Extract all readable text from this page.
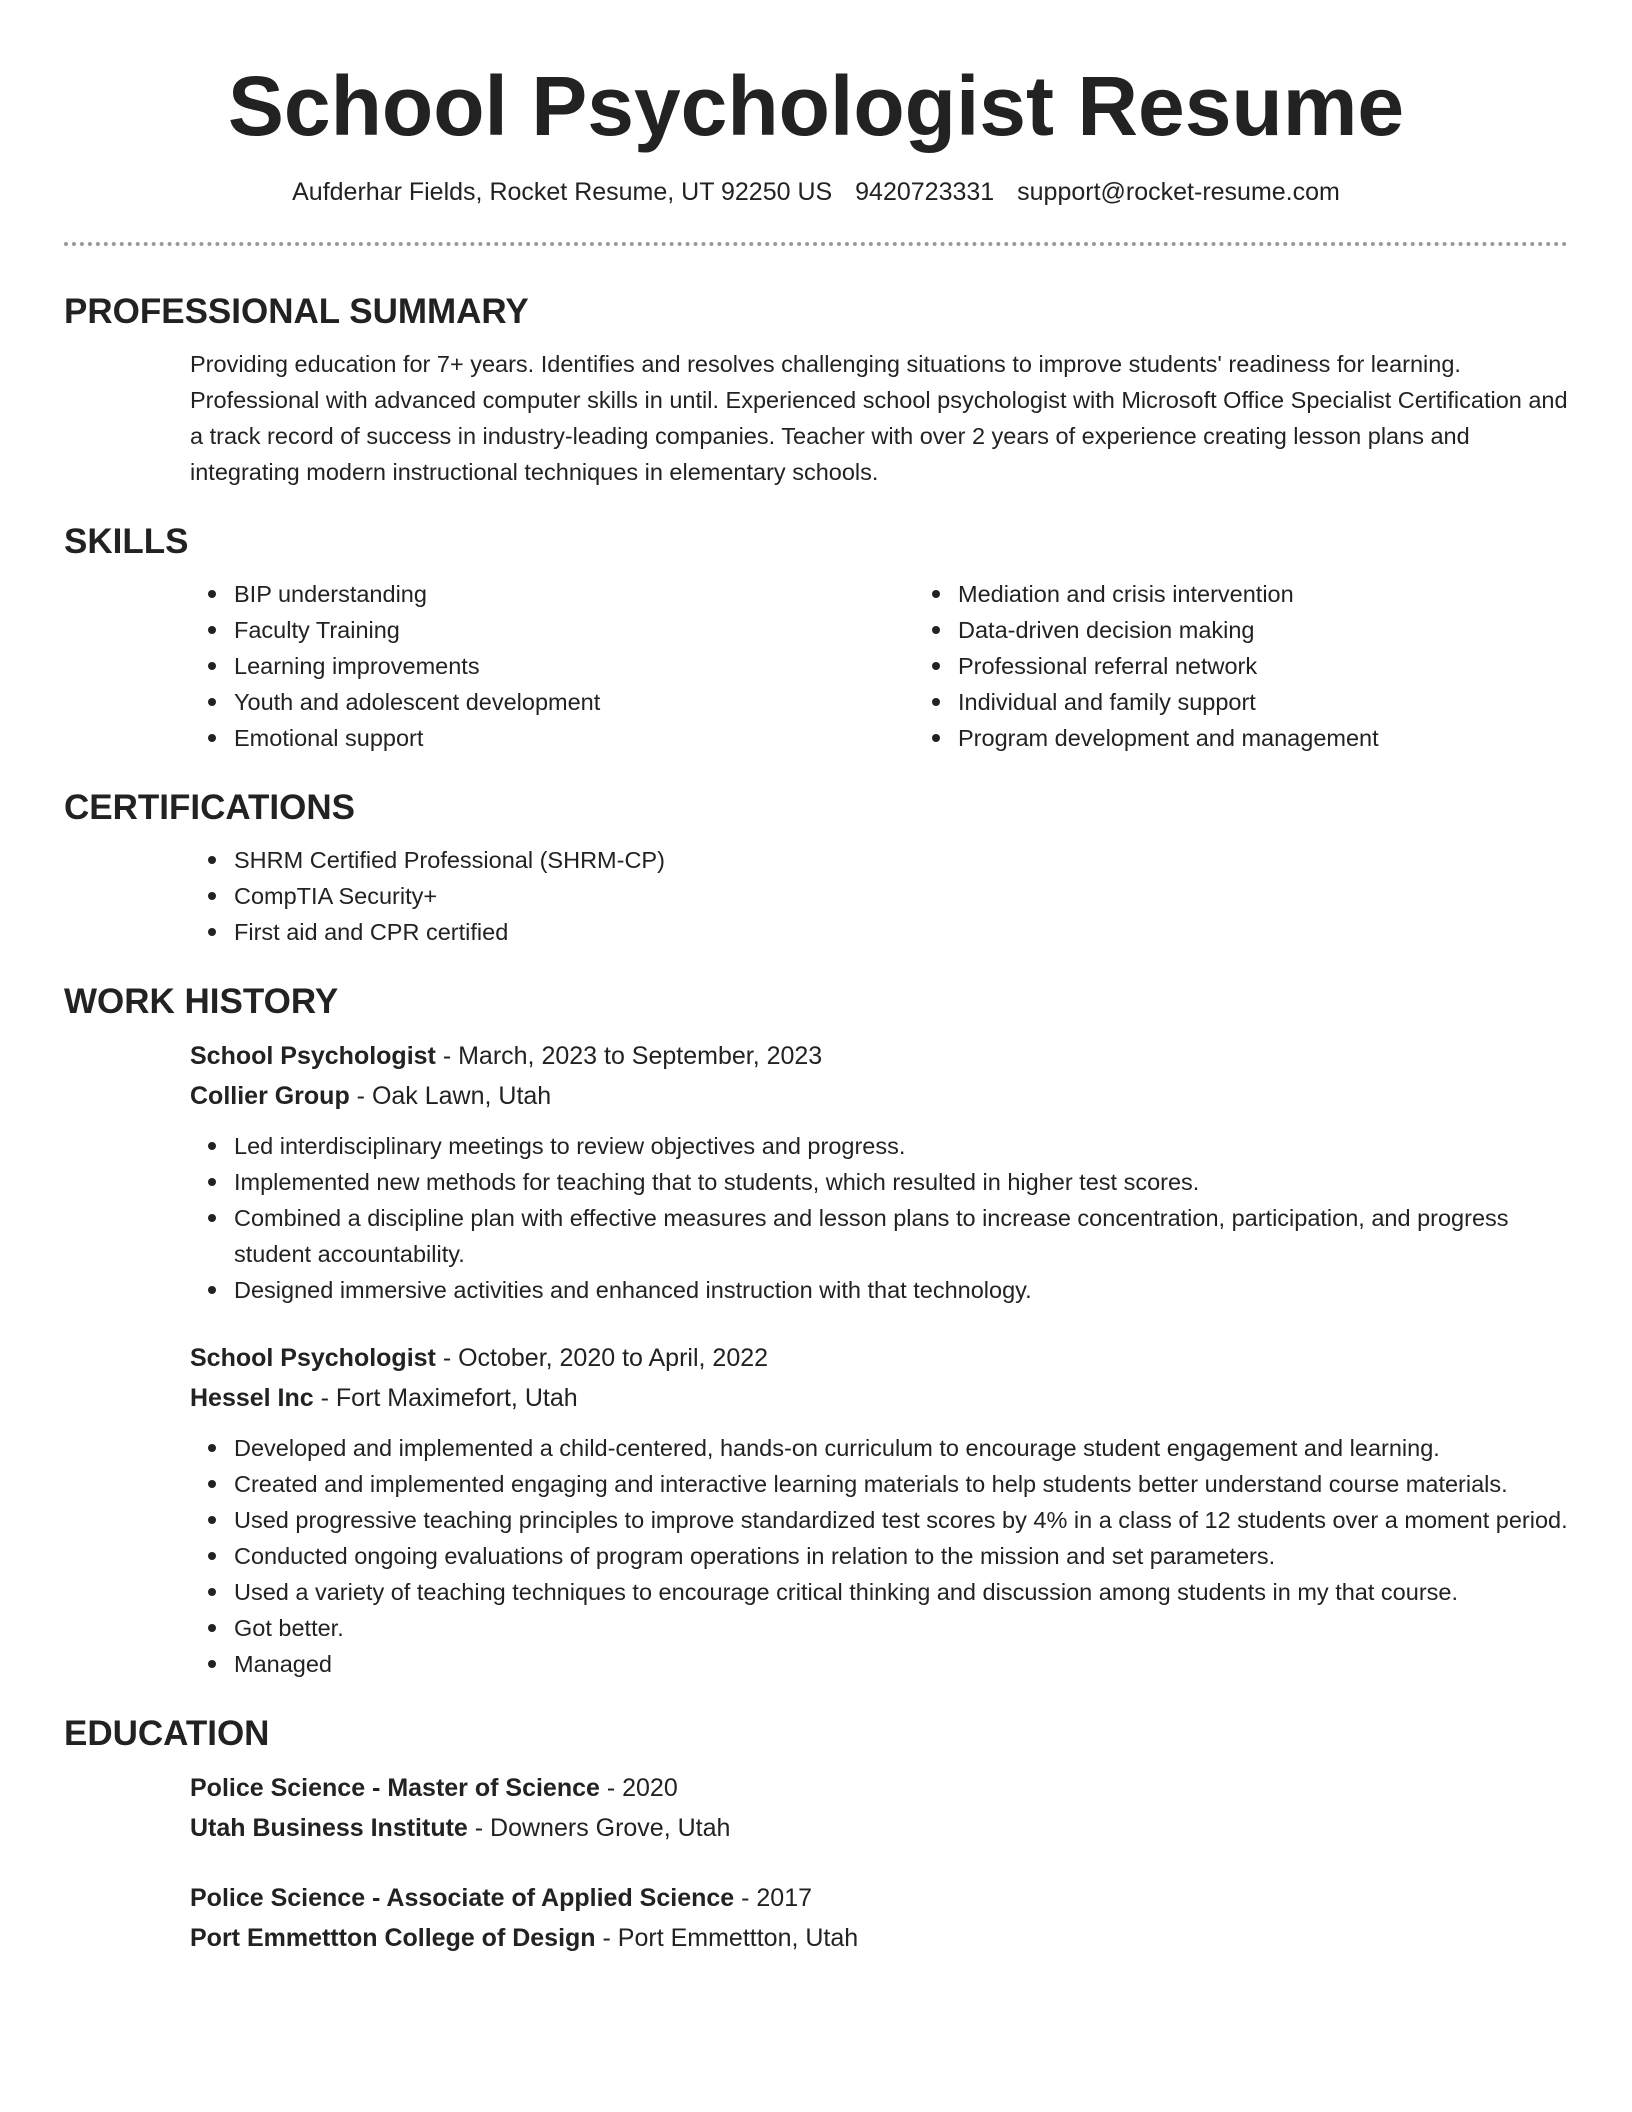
School Psychologist Resume
Aufderhar Fields, Rocket Resume, UT 92250 US 9420723331 support@rocket-resume.com
PROFESSIONAL SUMMARY

Providing education for 7+ years. Identifies and resolves challenging situations to improve students' readiness for learning. Professional with advanced computer skills in until. Experienced school psychologist with Microsoft Office Specialist Certification and a track record of success in industry-leading companies. Teacher with over 2 years of experience creating lesson plans and integrating modern instructional techniques in elementary schools.

SKILLS
BIP understanding
Faculty Training
Learning improvements
Youth and adolescent development
Emotional support
Mediation and crisis intervention
Data-driven decision making
Professional referral network
Individual and family support
Program development and management
CERTIFICATIONS
SHRM Certified Professional (SHRM-CP)
CompTIA Security+
First aid and CPR certified
WORK HISTORY
School Psychologist - March, 2023 to September, 2023
Collier Group - Oak Lawn, Utah
Led interdisciplinary meetings to review objectives and progress.
Implemented new methods for teaching that to students, which resulted in higher test scores.
Combined a discipline plan with effective measures and lesson plans to increase concentration, participation, and progress student accountability.
Designed immersive activities and enhanced instruction with that technology.
School Psychologist - October, 2020 to April, 2022
Hessel Inc - Fort Maximefort, Utah
Developed and implemented a child-centered, hands-on curriculum to encourage student engagement and learning.
Created and implemented engaging and interactive learning materials to help students better understand course materials.
Used progressive teaching principles to improve standardized test scores by 4% in a class of 12 students over a moment period.
Conducted ongoing evaluations of program operations in relation to the mission and set parameters.
Used a variety of teaching techniques to encourage critical thinking and discussion among students in my that course.
Got better.
Managed
EDUCATION
Police Science - Master of Science - 2020
Utah Business Institute - Downers Grove, Utah
Police Science - Associate of Applied Science - 2017
Port Emmettton College of Design - Port Emmettton, Utah
